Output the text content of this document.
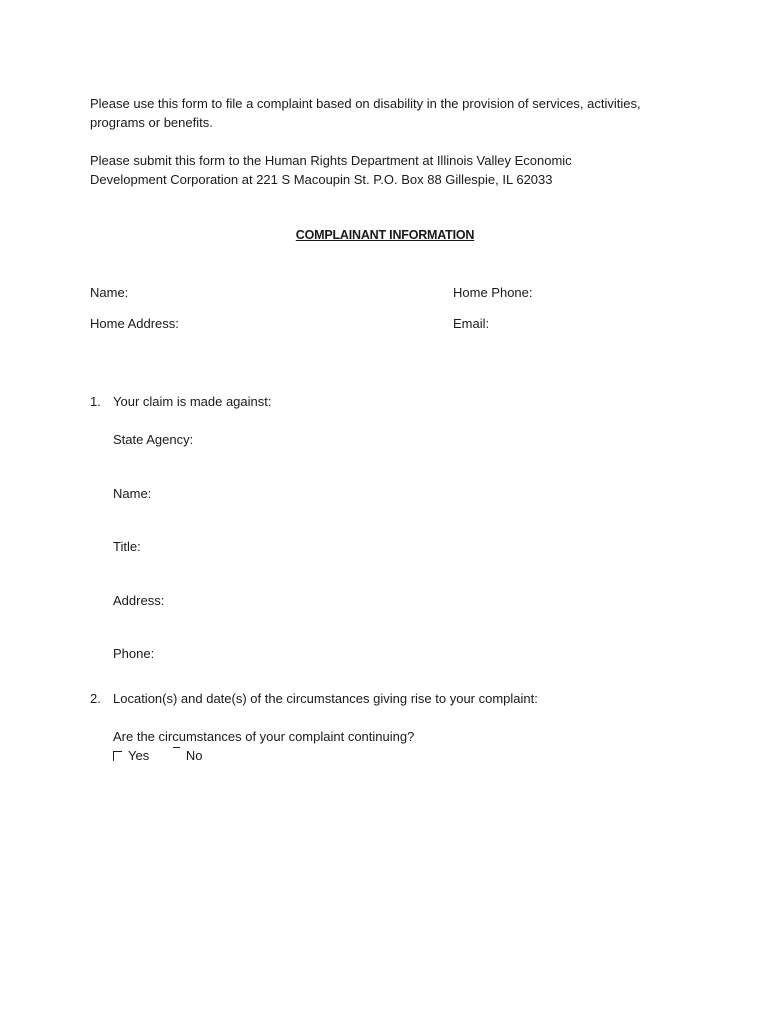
Please use this form to file a complaint based on disability in the provision of services, activities,
programs or benefits.
Please submit this form to the Human Rights Department at Illinois Valley Economic
Development Corporation at 221 S Macoupin St. P.O. Box 88 Gillespie, IL 62033
COMPLAINANT INFORMATION
Name:	Home Phone:
Home Address:	Email:
1. Your claim is made against:
State Agency:
Name:
Title:
Address:
Phone:
2. Location(s) and date(s) of the circumstances giving rise to your complaint:
Are the circumstances of your complaint continuing?
Yes	No
